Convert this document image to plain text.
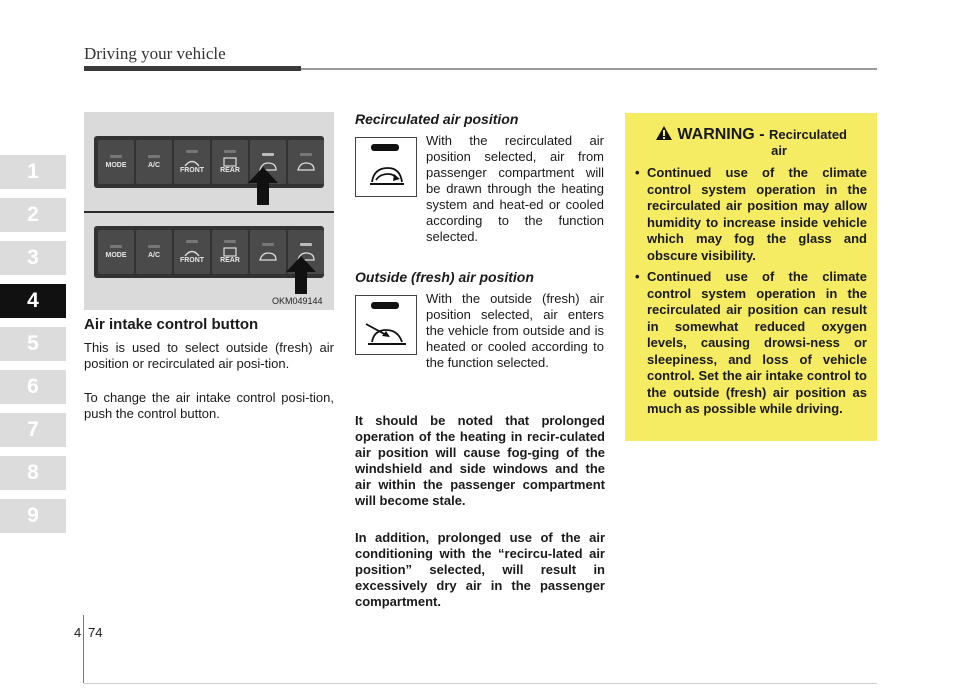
Driving your vehicle
1
2
3
4
5
6
7
8
9
MODE	A/C
FRONT REAR
MODE	A/C
FRONT REAR
OKM049144
Air intake control button
This is used to select outside (fresh) air position or recirculated air posi-tion.
To change the air intake control posi-tion, push the control button.
Recirculated air position
With the recirculated air position selected, air from passenger compartment will be drawn through the heating system and heat-ed or cooled according to the function selected.
Outside (fresh) air position
With the outside (fresh) air position selected, air enters the vehicle from outside and is heated or cooled according to the function selected.
It should be noted that prolonged operation of the heating in recir-culated air position will cause fog-ging of the windshield and side windows and the air within the passenger compartment will become stale.
In addition, prolonged use of the air conditioning with the “recircu-lated air position” selected, will result in excessively dry air in the passenger compartment.
WARNING - Recirculated
air
• Continued use of the climate control system operation in the recirculated air position may allow humidity to increase inside vehicle which may fog the glass and obscure visibility.
• Continued use of the climate control system operation in the recirculated air position can result in somewhat reduced oxygen levels, causing drowsi-ness or sleepiness, and loss of vehicle control. Set the air intake control to the outside (fresh) air position as much as possible while driving.
4 74
